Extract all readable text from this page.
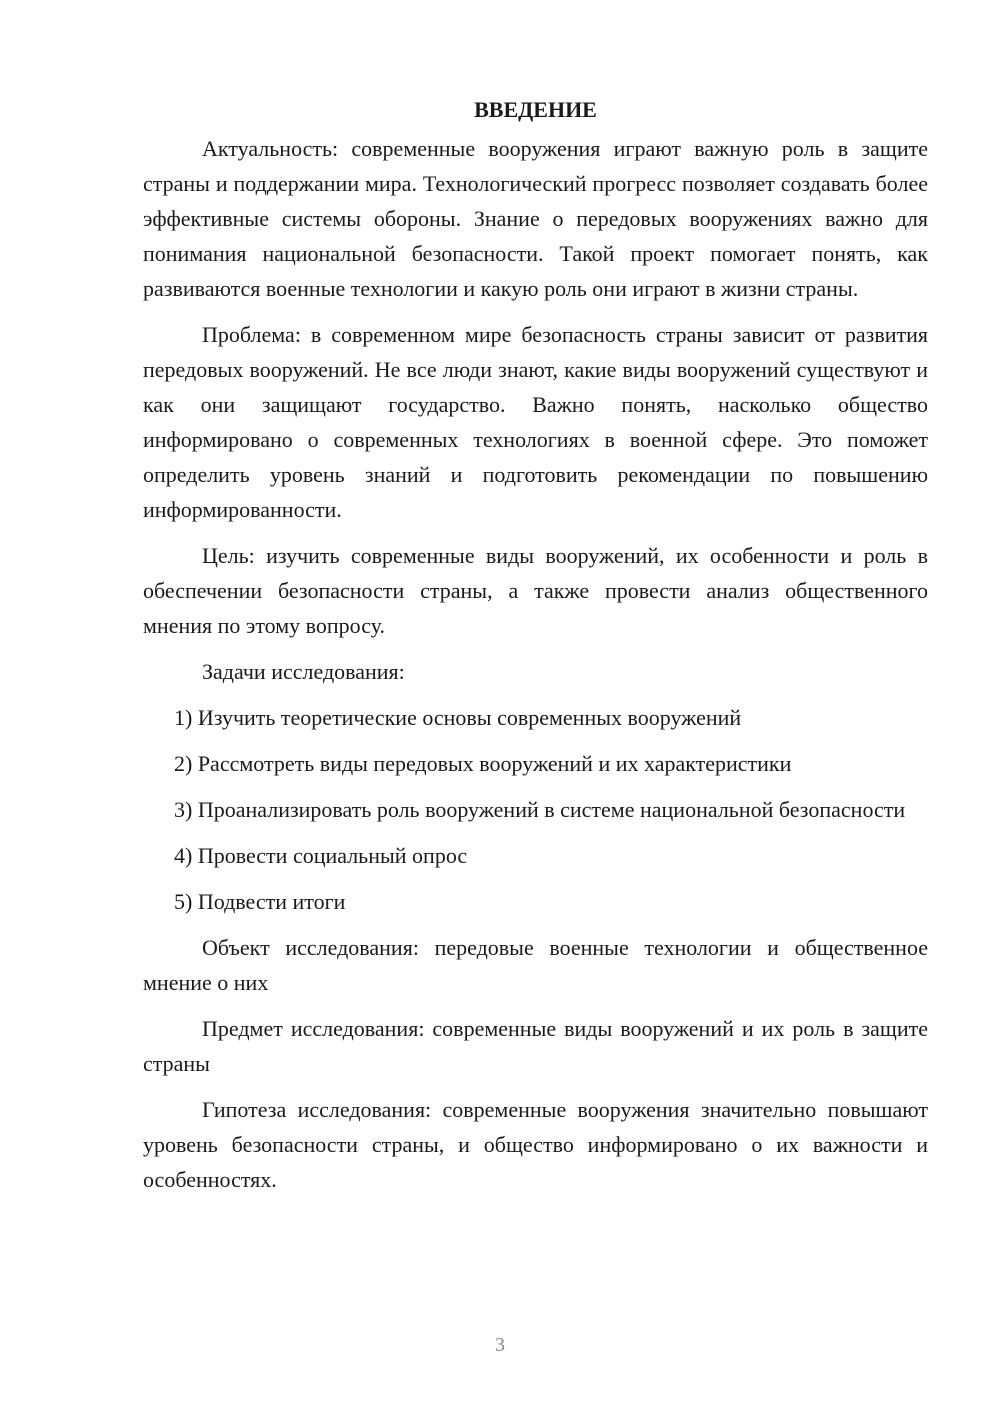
ВВЕДЕНИЕ

Актуальность: современные вооружения играют важную роль в защите страны и поддержании мира. Технологический прогресс позволяет создавать более эффективные системы обороны. Знание о передовых вооружениях важно для понимания национальной безопасности. Такой проект помогает понять, как развиваются военные технологии и какую роль они играют в жизни страны.

Проблема: в современном мире безопасность страны зависит от развития передовых вооружений. Не все люди знают, какие виды вооружений существуют и как они защищают государство. Важно понять, насколько общество информировано о современных технологиях в военной сфере. Это поможет определить уровень знаний и подготовить рекомендации по повышению информированности.

Цель: изучить современные виды вооружений, их особенности и роль в обеспечении безопасности страны, а также провести анализ общественного мнения по этому вопросу.

Задачи исследования:

1) Изучить теоретические основы современных вооружений

2) Рассмотреть виды передовых вооружений и их характеристики

3) Проанализировать роль вооружений в системе национальной безопасности

4) Провести социальный опрос

5) Подвести итоги

Объект исследования: передовые военные технологии и общественное мнение о них

Предмет исследования: современные виды вооружений и их роль в защите страны

Гипотеза исследования: современные вооружения значительно повышают уровень безопасности страны, и общество информировано о их важности и особенностях.

3
